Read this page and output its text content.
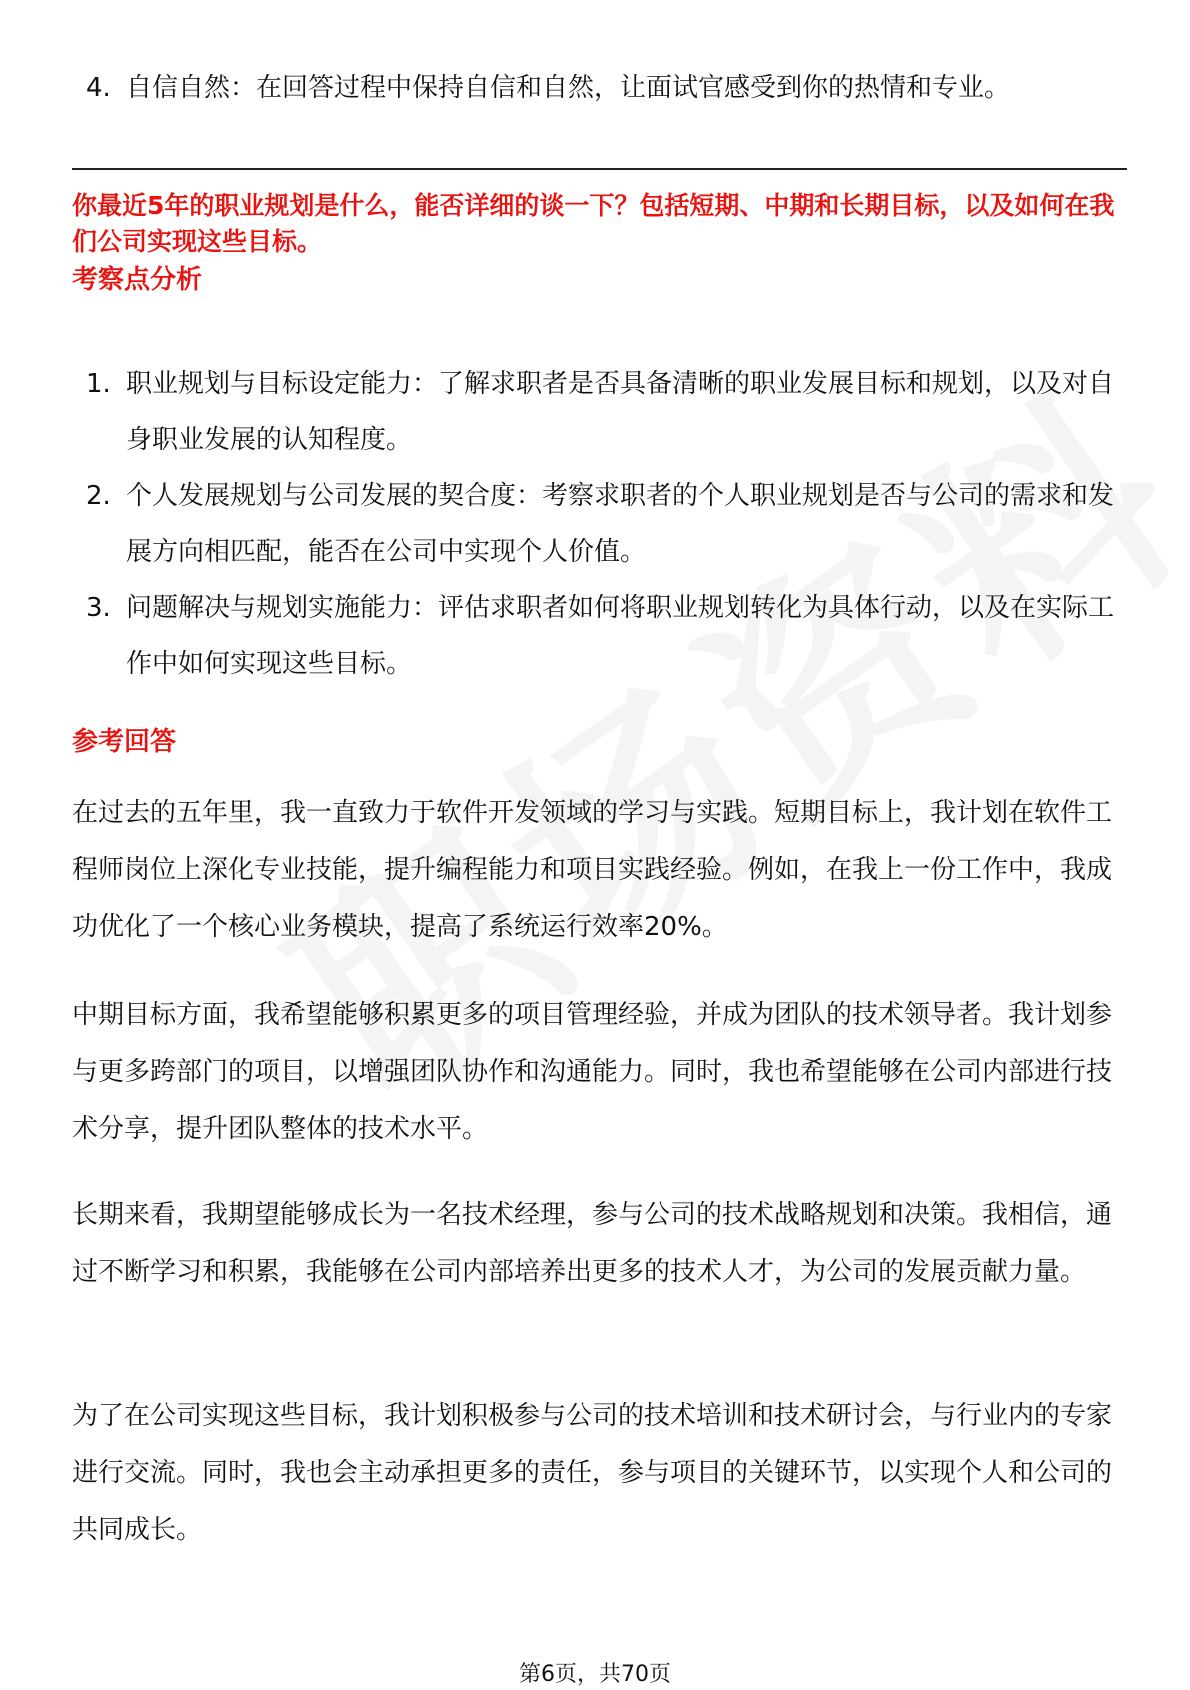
4. 自信自然：在回答过程中保持自信和自然，让面试官感受到你的热情和专业。
你最近5年的职业规划是什么，能否详细的谈一下？包括短期、中期和长期目标，以及如何在我们公司实现这些目标。
考察点分析
1. 职业规划与目标设定能力：了解求职者是否具备清晰的职业发展目标和规划，以及对自身职业发展的认知程度。
2. 个人发展规划与公司发展的契合度：考察求职者的个人职业规划是否与公司的需求和发展方向相匹配，能否在公司中实现个人价值。
3. 问题解决与规划实施能力：评估求职者如何将职业规划转化为具体行动，以及在实际工作中如何实现这些目标。
参考回答
在过去的五年里，我一直致力于软件开发领域的学习与实践。短期目标上，我计划在软件工程师岗位上深化专业技能，提升编程能力和项目实践经验。例如，在我上一份工作中，我成功优化了一个核心业务模块，提高了系统运行效率20%。
中期目标方面，我希望能够积累更多的项目管理经验，并成为团队的技术领导者。我计划参与更多跨部门的项目，以增强团队协作和沟通能力。同时，我也希望能够在公司内部进行技术分享，提升团队整体的技术水平。
长期来看，我期望能够成长为一名技术经理，参与公司的技术战略规划和决策。我相信，通过不断学习和积累，我能够在公司内部培养出更多的技术人才，为公司的发展贡献力量。
为了在公司实现这些目标，我计划积极参与公司的技术培训和技术研讨会，与行业内的专家进行交流。同时，我也会主动承担更多的责任，参与项目的关键环节，以实现个人和公司的共同成长。
第6页，共70页
